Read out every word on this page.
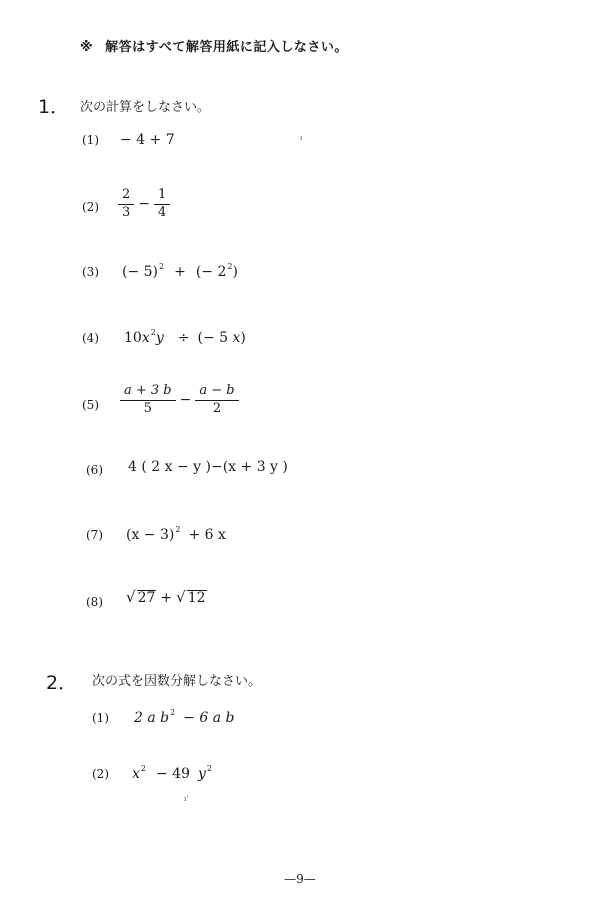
※ 解答はすべて解答用紙に記入しなさい。
1． 次の計算をしなさい。
(1) − 4 + 7	ı
$(2) \frac{2}{3} - \frac{1}{4}$
(3) (− 5)$^2$ + (− $2^2$)
(4) $10x^2y$ ÷ (− 5 x)
$(5) \frac{a + 3 b}{5} - \frac{a - b}{2}$
(6) 4 ( 2 x − y )−(x + 3 y )
(7) $(x - 3)^2 + 6$ x
(8) √ 27 + √ 12
2． 次の式を因数分解しなさい。
(1) 2 a $b^2 - 6$ a b
(2) $x^2 - 49$ $y^2$
ı'
—9—
